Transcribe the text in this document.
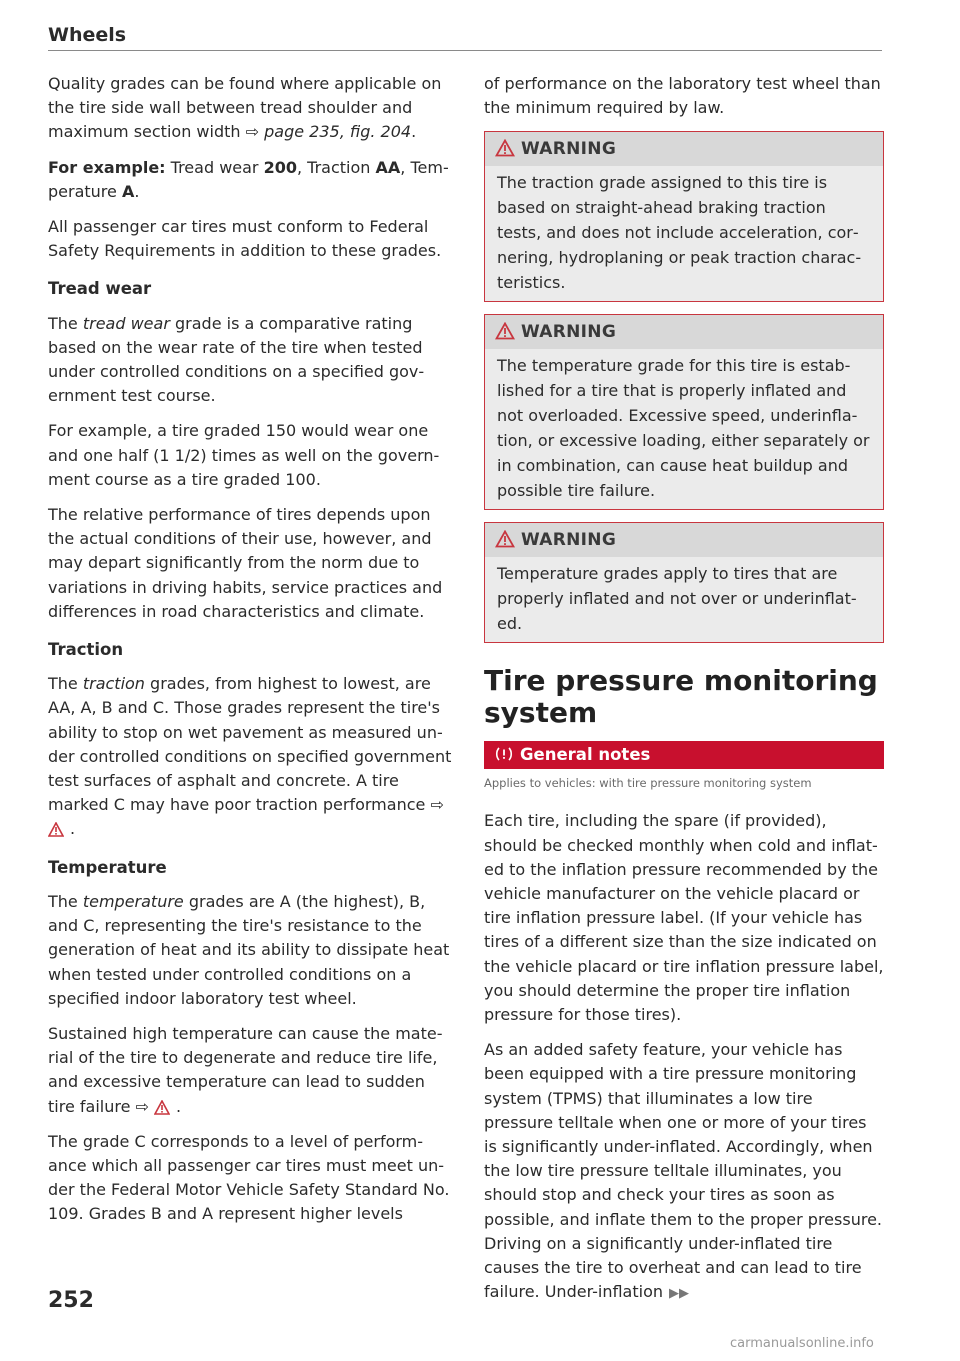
Wheels

Quality grades can be found where applicable on the tire side wall between tread shoulder and maximum section width ⇨ page 235, fig. 204.

For example: Tread wear 200, Traction AA, Temperature A.

All passenger car tires must conform to Federal Safety Requirements in addition to these grades.

Tread wear

The tread wear grade is a comparative rating based on the wear rate of the tire when tested under controlled conditions on a specified government test course.

For example, a tire graded 150 would wear one and one half (1 1/2) times as well on the government course as a tire graded 100.

The relative performance of tires depends upon the actual conditions of their use, however, and may depart significantly from the norm due to variations in driving habits, service practices and differences in road characteristics and climate.

Traction

The traction grades, from highest to lowest, are AA, A, B and C. Those grades represent the tire's ability to stop on wet pavement as measured under controlled conditions on specified government test surfaces of asphalt and concrete. A tire marked C may have poor traction performance ⇨ .

Temperature

The temperature grades are A (the highest), B, and C, representing the tire's resistance to the generation of heat and its ability to dissipate heat when tested under controlled conditions on a specified indoor laboratory test wheel.

Sustained high temperature can cause the material of the tire to degenerate and reduce tire life, and excessive temperature can lead to sudden tire failure ⇨ .

The grade C corresponds to a level of performance which all passenger car tires must meet under the Federal Motor Vehicle Safety Standard No. 109. Grades B and A represent higher levels

of performance on the laboratory test wheel than the minimum required by law.

WARNING
The traction grade assigned to this tire is based on straight-ahead braking traction tests, and does not include acceleration, cornering, hydroplaning or peak traction characteristics.
WARNING
The temperature grade for this tire is established for a tire that is properly inflated and not overloaded. Excessive speed, underinflation, or excessive loading, either separately or in combination, can cause heat buildup and possible tire failure.
WARNING
Temperature grades apply to tires that are properly inflated and not over or underinflated.
Tire pressure monitoring system
General notes
Applies to vehicles: with tire pressure monitoring system

Each tire, including the spare (if provided), should be checked monthly when cold and inflated to the inflation pressure recommended by the vehicle manufacturer on the vehicle placard or tire inflation pressure label. (If your vehicle has tires of a different size than the size indicated on the vehicle placard or tire inflation pressure label, you should determine the proper tire inflation pressure for those tires).

As an added safety feature, your vehicle has been equipped with a tire pressure monitoring system (TPMS) that illuminates a low tire pressure telltale when one or more of your tires is significantly under-inflated. Accordingly, when the low tire pressure telltale illuminates, you should stop and check your tires as soon as possible, and inflate them to the proper pressure. Driving on a significantly under-inflated tire causes the tire to overheat and can lead to tire failure. Under-inflation ▶▶

252
carmanualsonline.info
